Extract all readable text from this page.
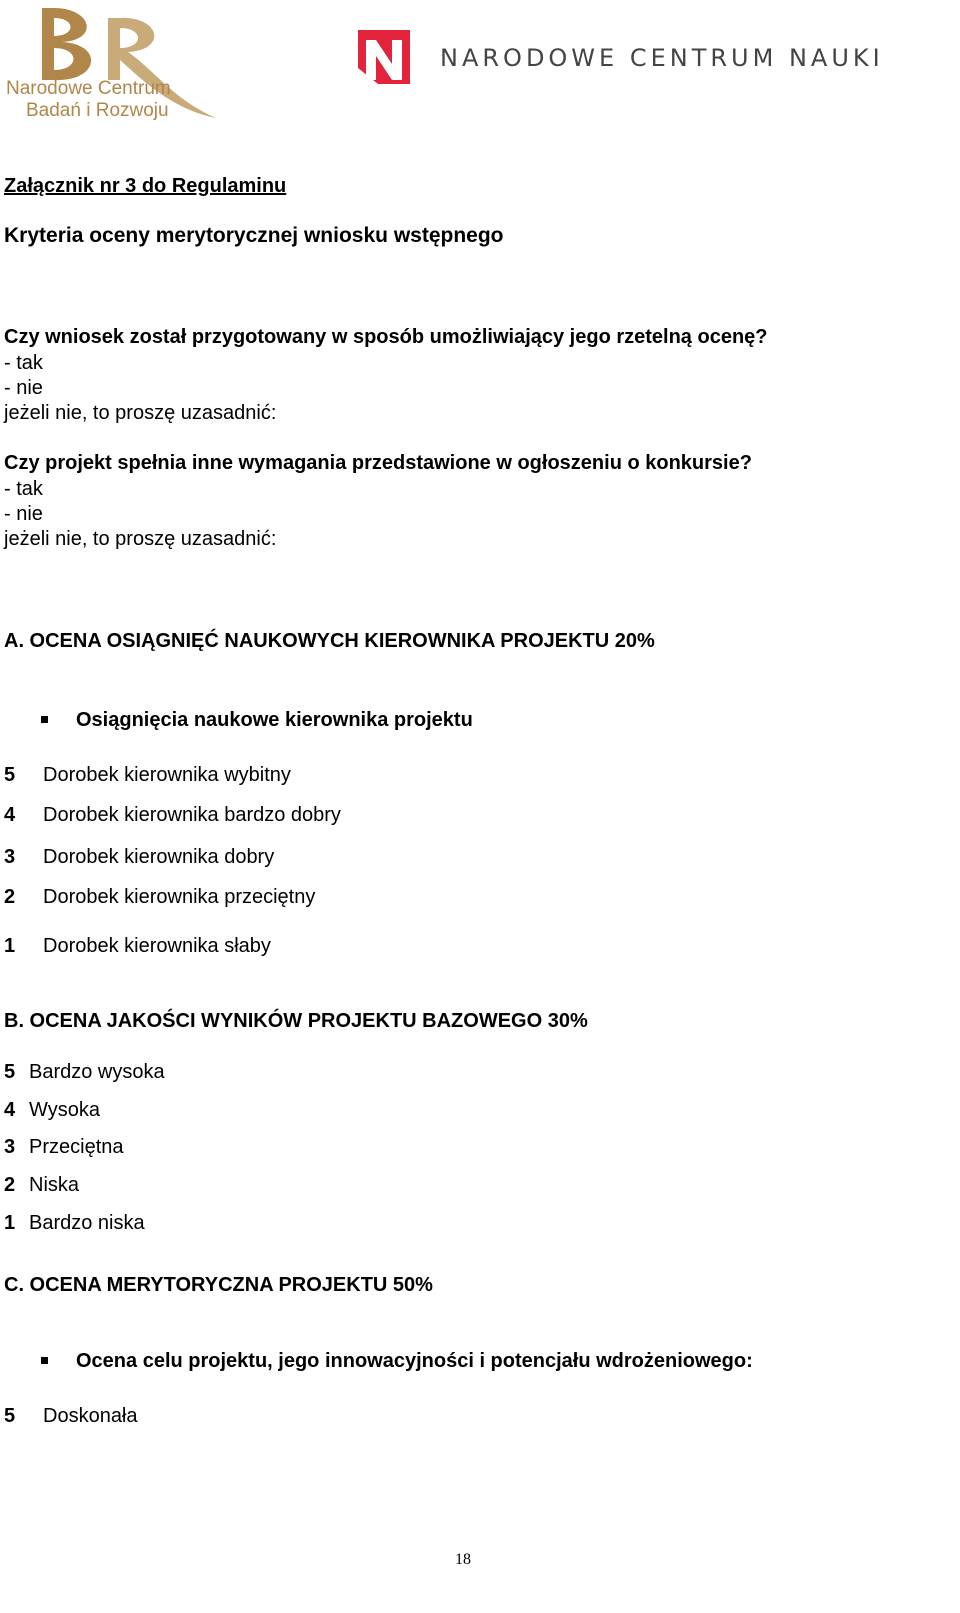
Narodowe Centrum
Badań i Rozwoju
NARODOWE CENTRUM NAUKI
Załącznik nr 3 do Regulaminu
Kryteria oceny merytorycznej wniosku wstępnego
Czy wniosek został przygotowany w sposób umożliwiający jego rzetelną ocenę?
- tak
- nie
jeżeli nie, to proszę uzasadnić:
Czy projekt spełnia inne wymagania przedstawione w ogłoszeniu o konkursie?
- tak
- nie
jeżeli nie, to proszę uzasadnić:
A. OCENA OSIĄGNIĘĆ NAUKOWYCH KIEROWNIKA PROJEKTU 20%
Osiągnięcia naukowe kierownika projektu
5 Dorobek kierownika wybitny
4 Dorobek kierownika bardzo dobry
3 Dorobek kierownika dobry
2 Dorobek kierownika przeciętny
1 Dorobek kierownika słaby
B. OCENA JAKOŚCI WYNIKÓW PROJEKTU BAZOWEGO 30%
5 Bardzo wysoka
4 Wysoka
3 Przeciętna
2 Niska
1 Bardzo niska
C. OCENA MERYTORYCZNA PROJEKTU 50%
Ocena celu projektu, jego innowacyjności i potencjału wdrożeniowego:
5 Doskonała
18
